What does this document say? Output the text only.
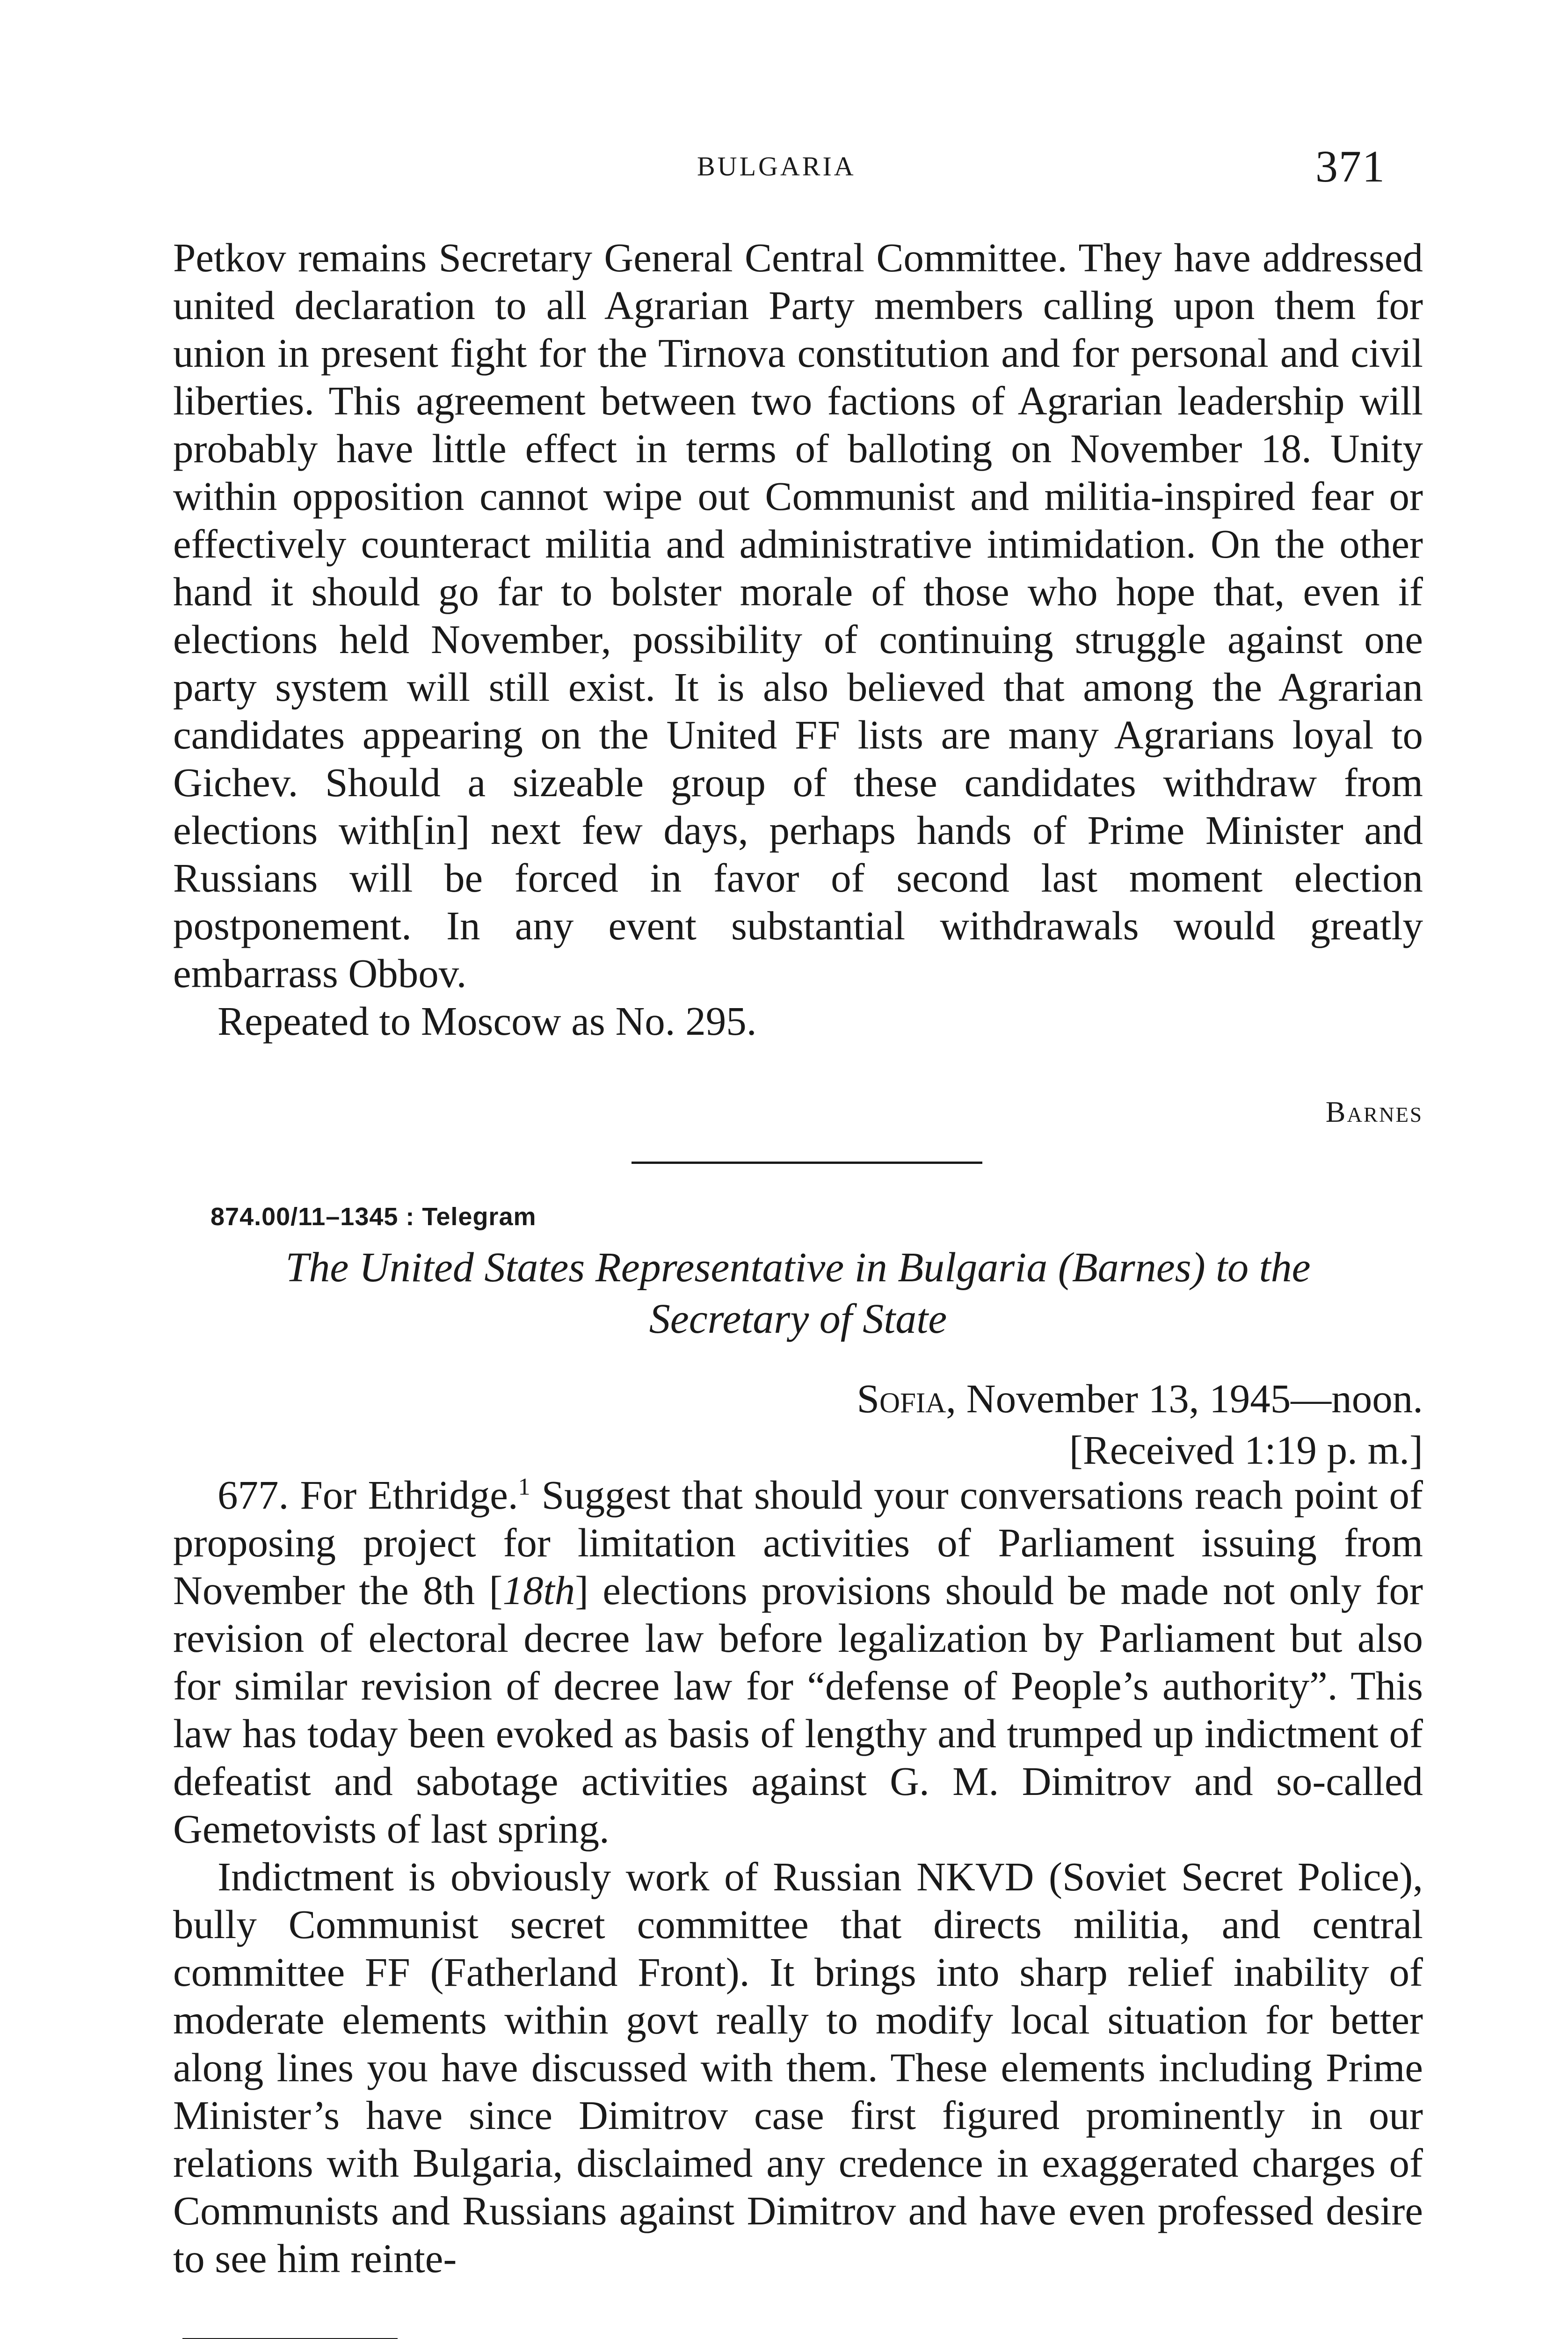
BULGARIA	371

Petkov remains Secretary General Central Committee. They have addressed united declaration to all Agrarian Party members calling upon them for union in present fight for the Tirnova constitution and for personal and civil liberties. This agreement between two factions of Agrarian leadership will probably have little effect in terms of balloting on November 18. Unity within opposition cannot wipe out Communist and militia-inspired fear or effectively counteract militia and administrative intimidation. On the other hand it should go far to bolster morale of those who hope that, even if elections held November, possibility of continuing struggle against one party system will still exist. It is also believed that among the Agrarian candidates appearing on the United FF lists are many Agrarians loyal to Gichev. Should a sizeable group of these candidates withdraw from elections with[in] next few days, perhaps hands of Prime Minister and Russians will be forced in favor of second last moment election postponement. In any event substantial withdrawals would greatly embarrass Obbov.

Repeated to Moscow as No. 295.

Barnes
874.00/11–1345 : Telegram
The United States Representative in Bulgaria (Barnes) to the
Secretary of State
Sofia, November 13, 1945—noon.
[Received 1:19 p. m.]

677. For Ethridge.$^1$ Suggest that should your conversations reach point of proposing project for limitation activities of Parliament issuing from November the 8th [18th] elections provisions should be made not only for revision of electoral decree law before legalization by Parliament but also for similar revision of decree law for “defense of People’s authority”. This law has today been evoked as basis of lengthy and trumped up indictment of defeatist and sabotage activities against G. M. Dimitrov and so-called Gemetovists of last spring.

Indictment is obviously work of Russian NKVD (Soviet Secret Police), bully Communist secret committee that directs militia, and central committee FF (Fatherland Front). It brings into sharp relief inability of moderate elements within govt really to modify local situation for better along lines you have discussed with them. These elements including Prime Minister’s have since Dimitrov case first figured prominently in our relations with Bulgaria, disclaimed any credence in exaggerated charges of Communists and Russians against Dimitrov and have even professed desire to see him reinte-
